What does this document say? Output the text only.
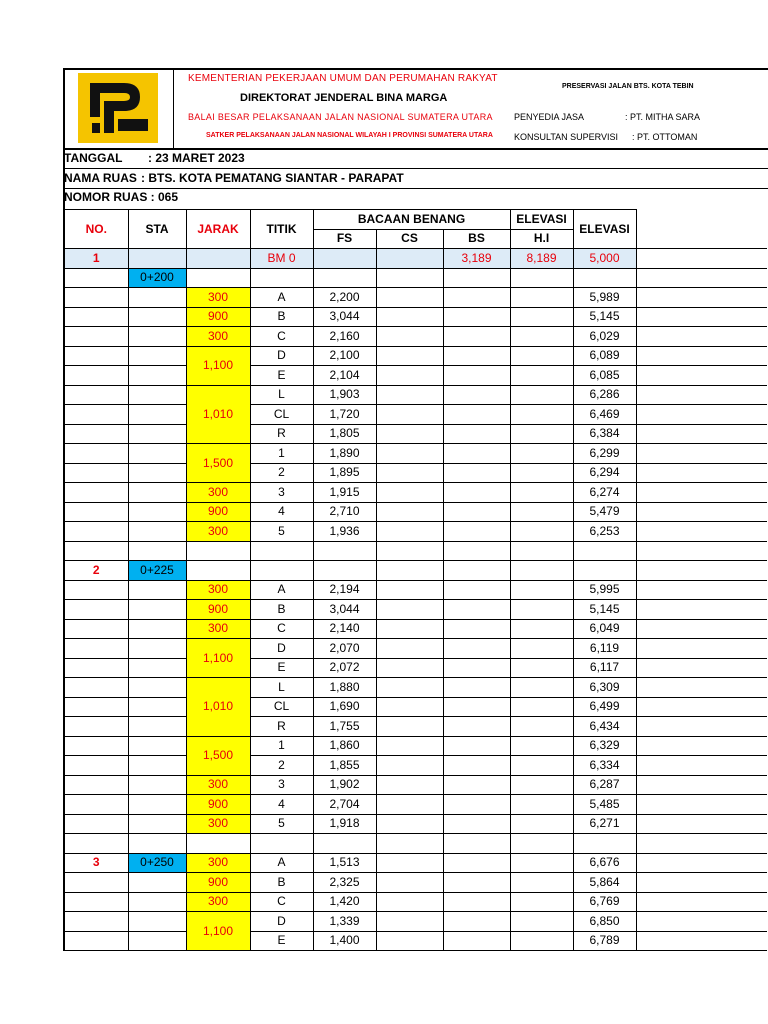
KEMENTERIAN PEKERJAAN UMUM DAN PERUMAHAN RAKYAT
DIREKTORAT JENDERAL BINA MARGA
BALAI BESAR PELAKSANAAN JALAN NASIONAL SUMATERA UTARA
SATKER PELAKSANAAN JALAN NASIONAL WILAYAH I PROVINSI SUMATERA UTARA
PRESERVASI JALAN BTS. KOTA TEBIN
PENYEDIA JASA	: PT. MITHA SARA
KONSULTAN SUPERVISI : PT. OTTOMAN
TANGGAL : 23 MARET 2023
NAMA RUAS : BTS. KOTA PEMATANG SIANTAR - PARAPAT
NOMOR RUAS : 065
NO.	STA	JARAK	TITIK	BACAAN BENANG			ELEVASI	ELEVASI	
				FS	CS	BS	H.I		
1			BM 0			3,189	8,189	5,000	
	0+200								
		300	A	2,200				5,989	
		900	B	3,044				5,145	
		300	C	2,160				6,029	
		1,100	D	2,100				6,089	
			E	2,104				6,085	
		1,010	L	1,903				6,286	
			CL	1,720				6,469	
			R	1,805				6,384	
		1,500	1	1,890				6,299	
			2	1,895				6,294	
		300	3	1,915				6,274	
		900	4	2,710				5,479	
		300	5	1,936				6,253	

2	0+225								
		300	A	2,194				5,995	
		900	B	3,044				5,145	
		300	C	2,140				6,049	
		1,100	D	2,070				6,119	
			E	2,072				6,117	
		1,010	L	1,880				6,309	
			CL	1,690				6,499	
			R	1,755				6,434	
		1,500	1	1,860				6,329	
			2	1,855				6,334	
		300	3	1,902				6,287	
		900	4	2,704				5,485	
		300	5	1,918				6,271	

3	0+250	300	A	1,513				6,676	
		900	B	2,325				5,864	
		300	C	1,420				6,769	
		1,100	D	1,339				6,850	
			E	1,400				6,789	
